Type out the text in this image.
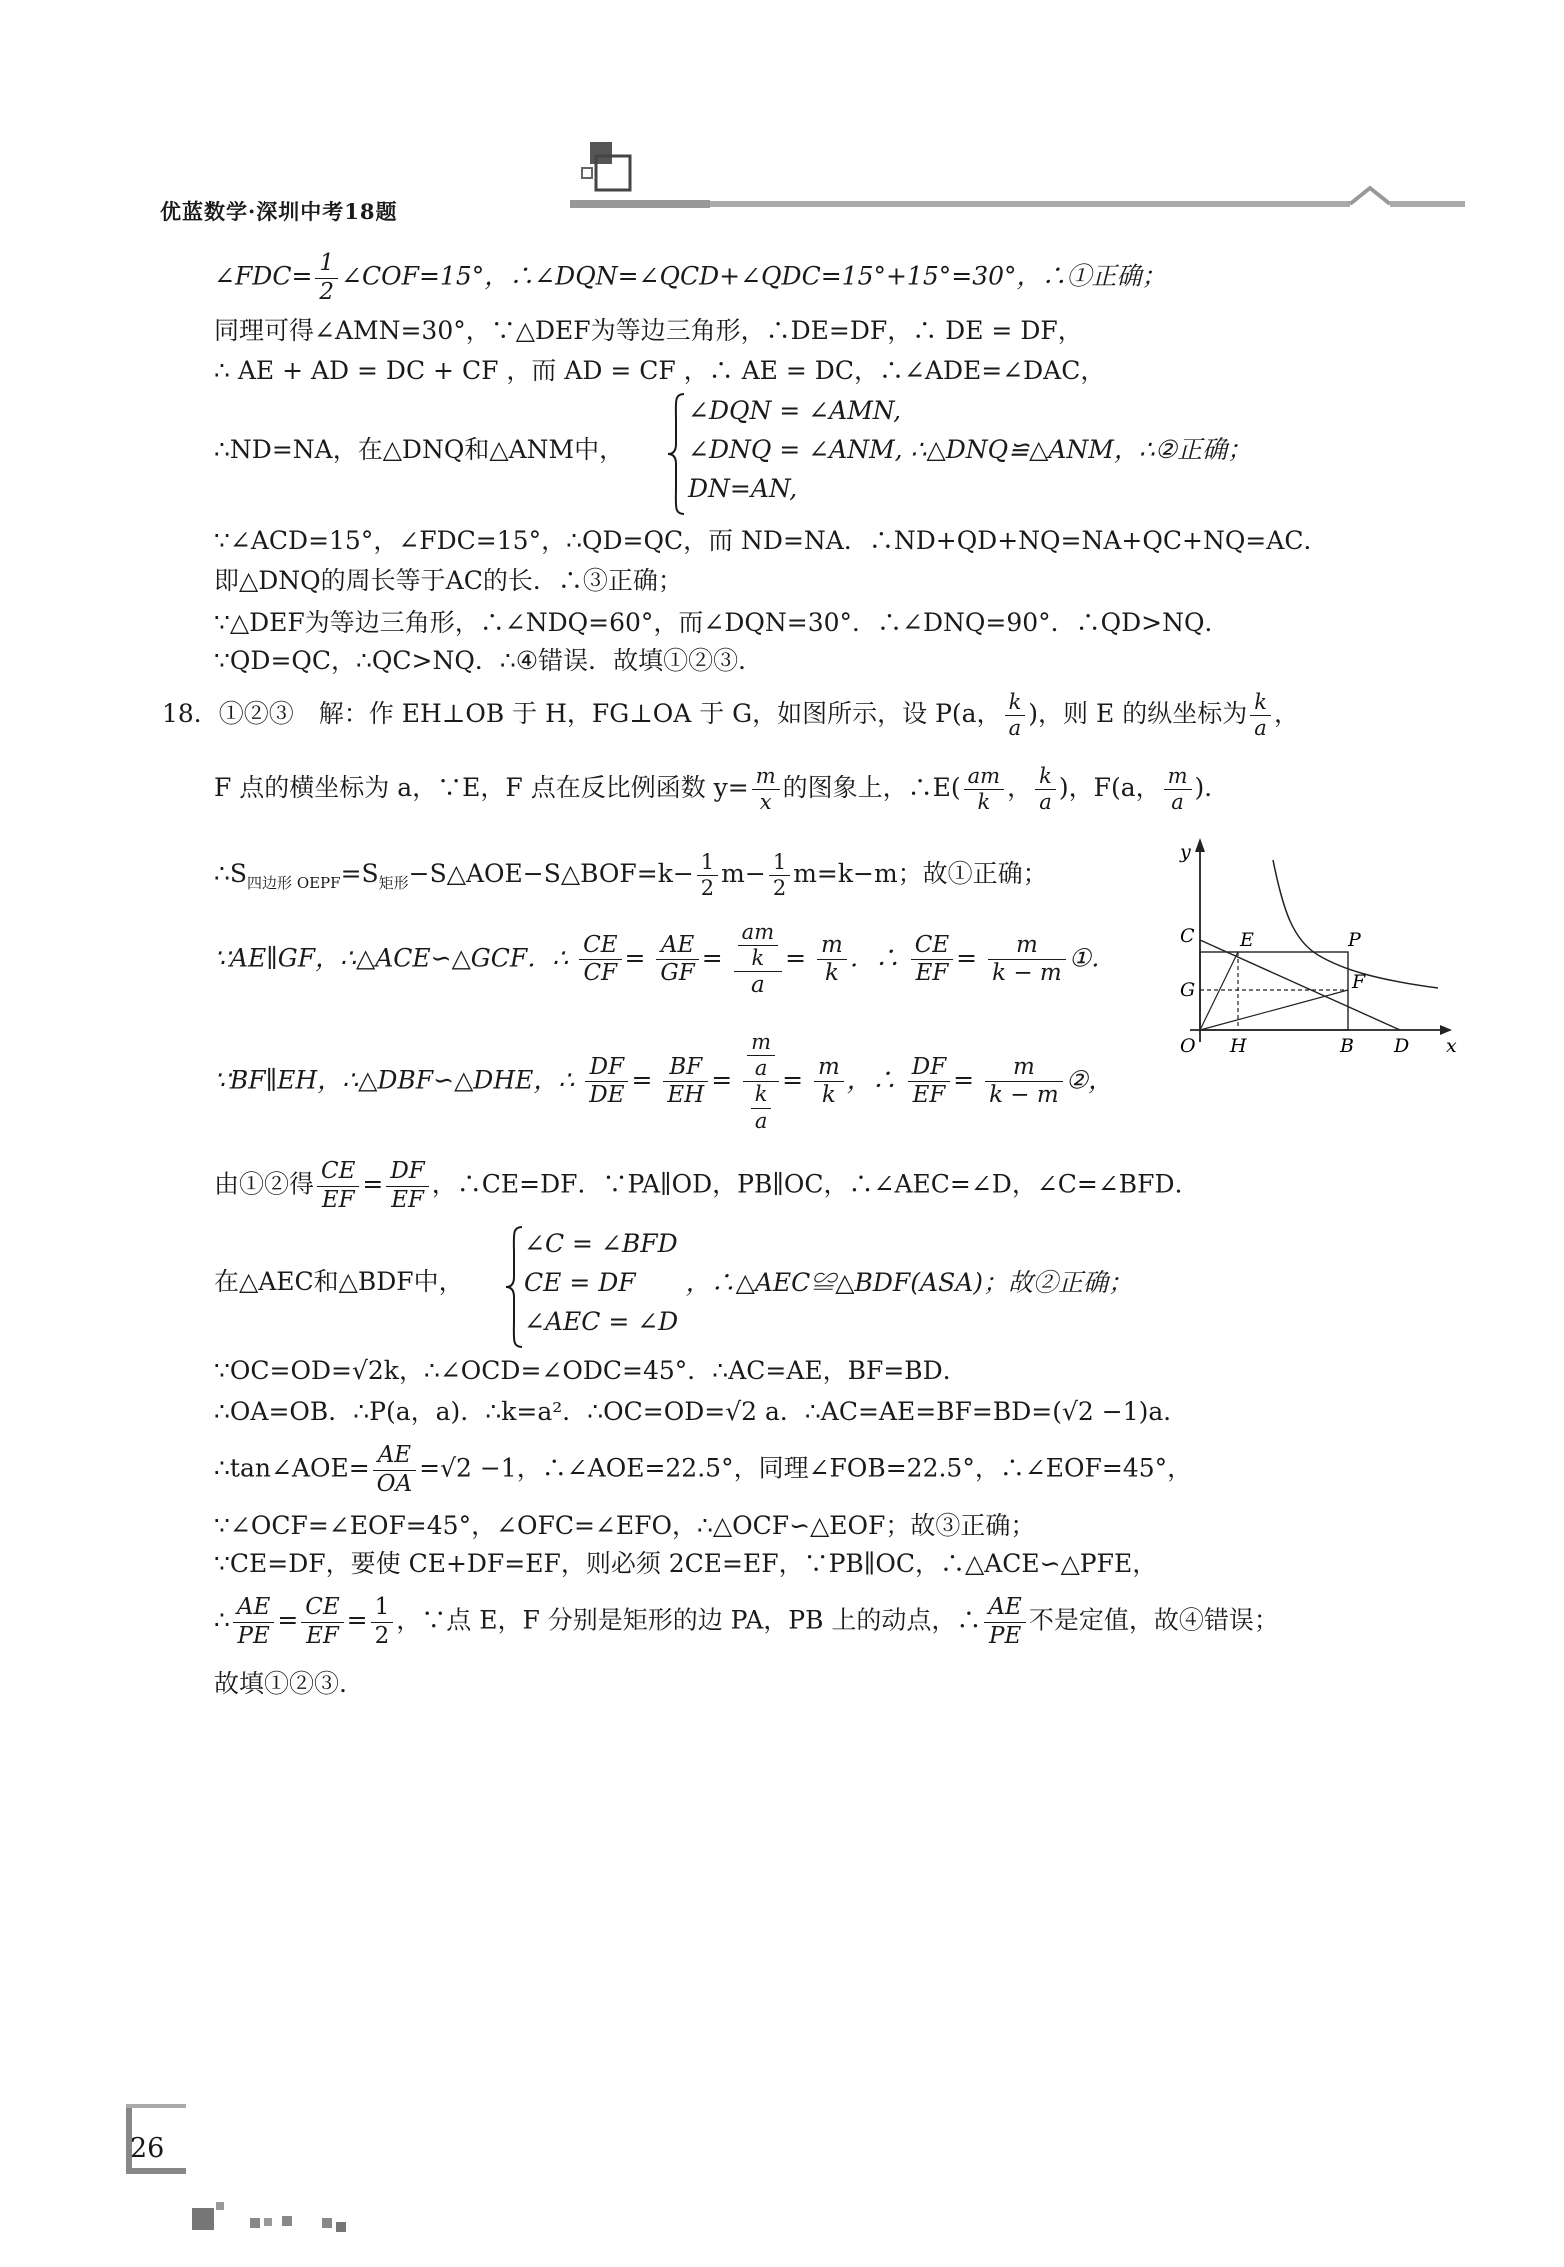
优蓝数学·深圳中考18题
∠FDC= $\frac{1}{2}$ ∠COF=15°，∴∠DQN=∠QCD+∠QDC=15°+15°=30°，∴①正确；
同理可得∠AMN=30°，∵△DEF为等边三角形，∴DE=DF，∴ DE = DF，
∴ AE + AD = DC + CF ，而 AD = CF ，∴ AE = DC，∴∠ADE=∠DAC，
∴ND=NA，在△DNQ和△ANM中，
∠DQN = ∠AMN,
∠DNQ = ∠ANM, ∴△DNQ≌△ANM，∴②正确；
DN=AN,
∵∠ACD=15°，∠FDC=15°，∴QD=QC，而 ND=NA．∴ND+QD+NQ=NA+QC+NQ=AC．
即△DNQ的周长等于AC的长．∴③正确；
∵△DEF为等边三角形，∴∠NDQ=60°，而∠DQN=30°．∴∠DNQ=90°．∴QD>NQ．
∵QD=QC，∴QC>NQ．∴④错误．故填①②③．
18．①②③　解：作 EH⊥OB 于 H，FG⊥OA 于 G，如图所示，设 P(a， $\frac{k}{a}$ )，则 E 的纵坐标为 $\frac{k}{a}$ ，
F 点的横坐标为 a，∵E，F 点在反比例函数 $y= \frac{m}{x}$ 的图象上，∴E( $\frac{am}{k}$ ， $\frac{k}{a}$ )，F(a， $\frac{m}{a}$ )．
$\therefore S_{四边形 OEPF}=S_{矩形}-S\triangle AOE-S\triangle BOF=k- \frac{1}{2} m- \frac{1}{2} m=k-m$；故①正确；
∵AE∥GF，∴△ACE∽△GCF．∴ $\frac{CE}{CF} = \frac{AE}{GF} = \frac{\frac{am}{k}}{a} = \frac{m}{k}$ ．∴ $\frac{CE}{EF} = \frac{m}{k - m}$ ①．
∵BF∥EH，∴△DBF∽△DHE，∴ $\frac{DF}{DE} = \frac{BF}{EH} = \frac{\frac{m}{a}}{\frac{k}{a}} = \frac{m}{k}$ ，∴ $\frac{DF}{EF} = \frac{m}{k - m}$ ②，
由①②得 $\frac{CE}{EF} = \frac{DF}{EF}$ ，∴CE=DF．∵PA∥OD，PB∥OC，∴∠AEC=∠D，∠C=∠BFD．
在△AEC和△BDF中，
∠C = ∠BFD
CE = DF　　，∴△AEC≌△BDF(ASA)；故②正确；
∠AEC = ∠D
∵OC=OD=√2k，∴∠OCD=∠ODC=45°．∴AC=AE，BF=BD．
∴OA=OB．∴P(a，a)．∴k=a²．∴OC=OD=√2 a．∴AC=AE=BF=BD=(√2 −1)a．
∴tan∠AOE= $\frac{AE}{OA} =√2 -1$，∴∠AOE=22.5°，同理∠FOB=22.5°，∴∠EOF=45°，
∵∠OCF=∠EOF=45°，∠OFC=∠EFO，∴△OCF∽△EOF；故③正确；
∵CE=DF，要使 CE+DF=EF，则必须 2CE=EF，∵PB∥OC，∴△ACE∽△PFE，
∴ $\frac{AE}{PE} = \frac{CE}{EF} = \frac{1}{2}$ ，∵点 E，F 分别是矩形的边 PA，PB 上的动点，∴ $\frac{AE}{PE}$ 不是定值，故④错误；
故填①②③.
y
x
O H	B D
C E	P
G	F
26
